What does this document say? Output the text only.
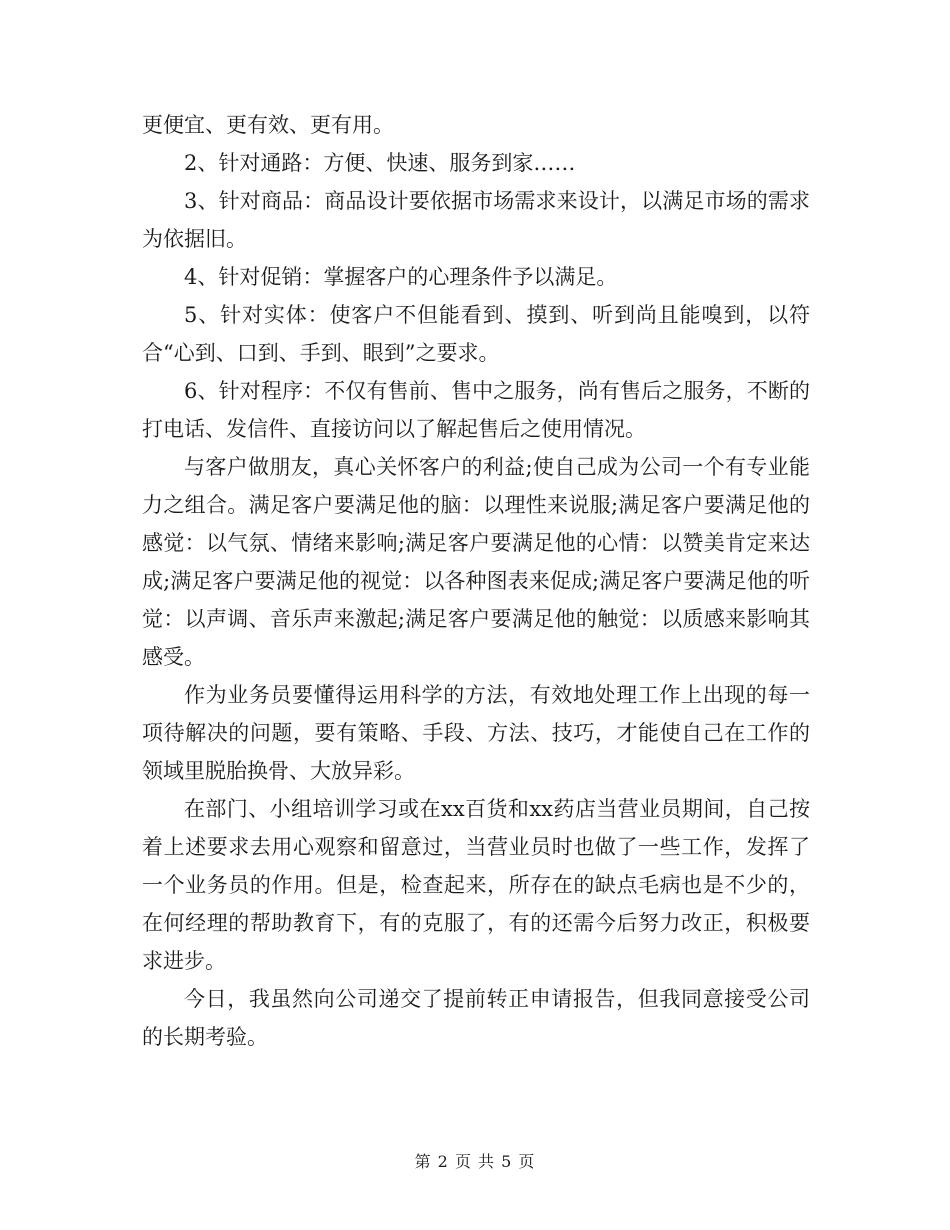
更便宜、更有效、更有用。

2、针对通路：方便、快速、服务到家……

3、针对商品：商品设计要依据市场需求来设计，以满足市场的需求为依据旧。

4、针对促销：掌握客户的心理条件予以满足。

5、针对实体：使客户不但能看到、摸到、听到尚且能嗅到，以符合“心到、口到、手到、眼到”之要求。

6、针对程序：不仅有售前、售中之服务，尚有售后之服务，不断的打电话、发信件、直接访问以了解起售后之使用情况。

与客户做朋友，真心关怀客户的利益;使自己成为公司一个有专业能力之组合。满足客户要满足他的脑：以理性来说服;满足客户要满足他的感觉：以气氛、情绪来影响;满足客户要满足他的心情：以赞美肯定来达成;满足客户要满足他的视觉：以各种图表来促成;满足客户要满足他的听觉：以声调、音乐声来激起;满足客户要满足他的触觉：以质感来影响其感受。

作为业务员要懂得运用科学的方法，有效地处理工作上出现的每一项待解决的问题，要有策略、手段、方法、技巧，才能使自己在工作的领域里脱胎换骨、大放异彩。

在部门、小组培训学习或在xx百货和xx药店当营业员期间，自己按着上述要求去用心观察和留意过，当营业员时也做了一些工作，发挥了一个业务员的作用。但是，检查起来，所存在的缺点毛病也是不少的，在何经理的帮助教育下，有的克服了，有的还需今后努力改正，积极要求进步。

今日，我虽然向公司递交了提前转正申请报告，但我同意接受公司的长期考验。

第 2 页 共 5 页
